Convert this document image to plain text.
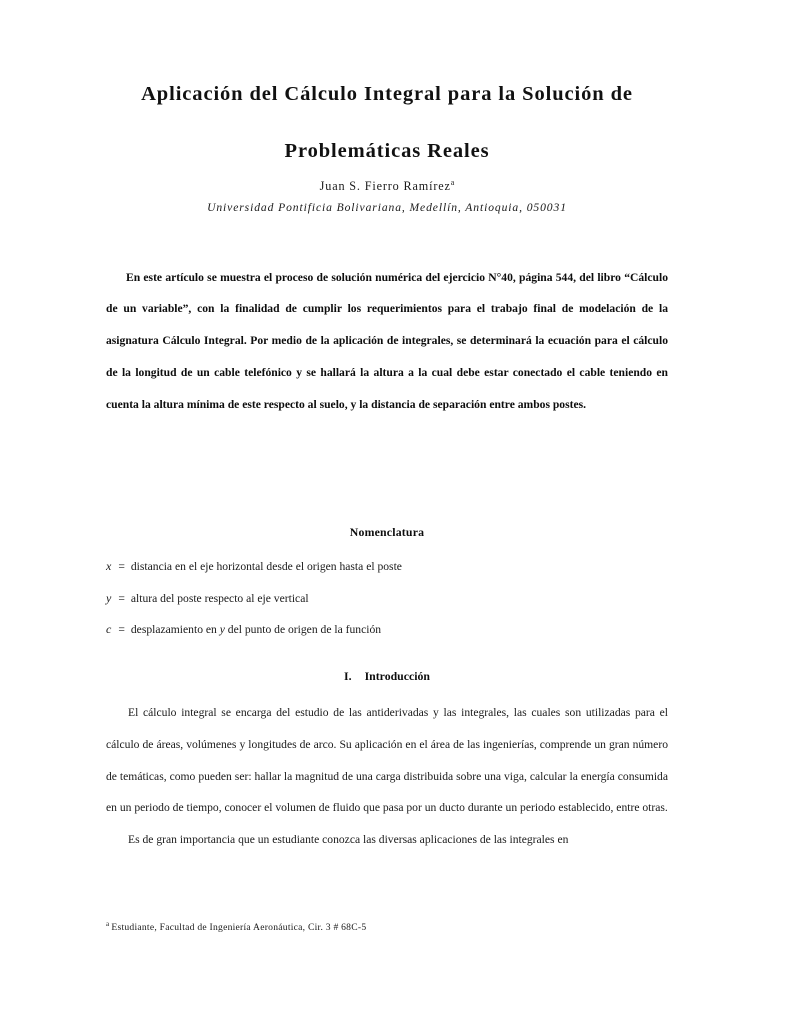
Aplicación del Cálculo Integral para la Solución de
Problemáticas Reales
Juan S. Fierro Ramírez$^a$
Universidad Pontificia Bolivariana, Medellín, Antioquia, 050031

En este artículo se muestra el proceso de solución numérica del ejercicio N°40, página 544, del libro “Cálculo de un variable”, con la finalidad de cumplir los requerimientos para el trabajo final de modelación de la asignatura Cálculo Integral. Por medio de la aplicación de integrales, se determinará la ecuación para el cálculo de la longitud de un cable telefónico y se hallará la altura a la cual debe estar conectado el cable teniendo en cuenta la altura mínima de este respecto al suelo, y la distancia de separación entre ambos postes.

Nomenclatura
x = distancia en el eje horizontal desde el origen hasta el poste
y = altura del poste respecto al eje vertical
c = desplazamiento en y del punto de origen de la función
I. Introducción

El cálculo integral se encarga del estudio de las antiderivadas y las integrales, las cuales son utilizadas para el cálculo de áreas, volúmenes y longitudes de arco. Su aplicación en el área de las ingenierías, comprende un gran número de temáticas, como pueden ser: hallar la magnitud de una carga distribuida sobre una viga, calcular la energía consumida en un periodo de tiempo, conocer el volumen de fluido que pasa por un ducto durante un periodo establecido, entre otras.

Es de gran importancia que un estudiante conozca las diversas aplicaciones de las integrales en

$^a$ Estudiante, Facultad de Ingeniería Aeronáutica, Cir. 3 # 68C-5
